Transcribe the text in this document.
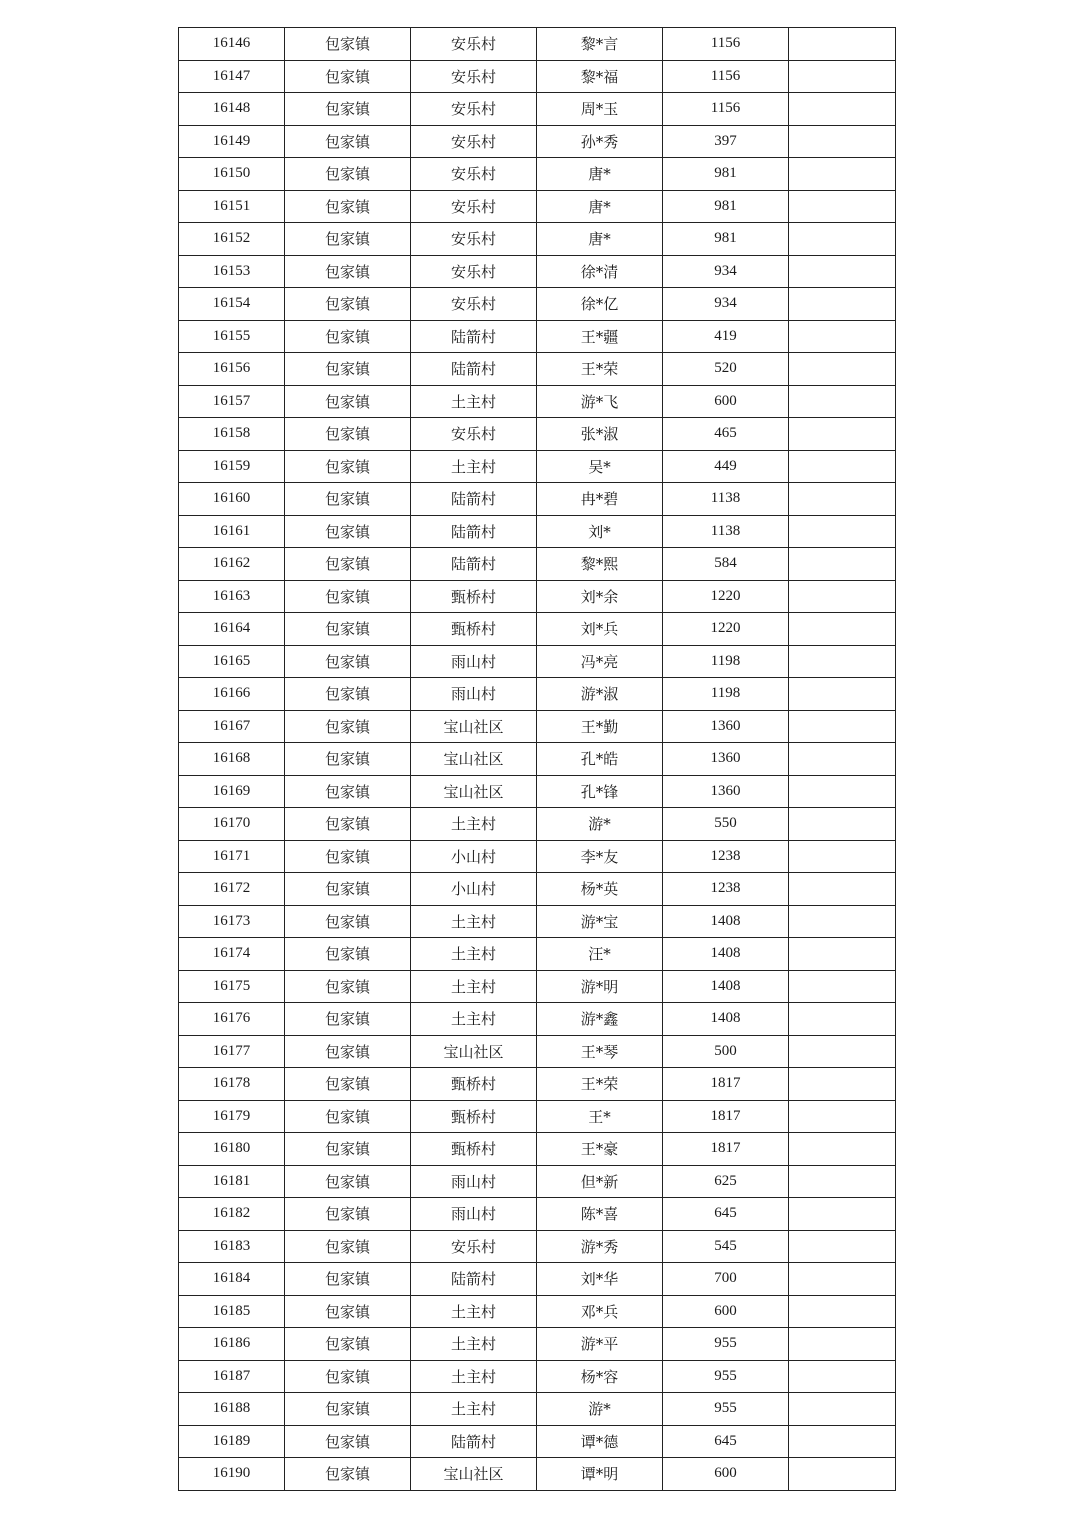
16146	包家镇	安乐村	黎*言	1156	
16147	包家镇	安乐村	黎*福	1156	
16148	包家镇	安乐村	周*玉	1156	
16149	包家镇	安乐村	孙*秀	397	
16150	包家镇	安乐村	唐*	981	
16151	包家镇	安乐村	唐*	981	
16152	包家镇	安乐村	唐*	981	
16153	包家镇	安乐村	徐*清	934	
16154	包家镇	安乐村	徐*亿	934	
16155	包家镇	陆箭村	王*疆	419	
16156	包家镇	陆箭村	王*荣	520	
16157	包家镇	土主村	游*飞	600	
16158	包家镇	安乐村	张*淑	465	
16159	包家镇	土主村	吴*	449	
16160	包家镇	陆箭村	冉*碧	1138	
16161	包家镇	陆箭村	刘*	1138	
16162	包家镇	陆箭村	黎*熙	584	
16163	包家镇	甄桥村	刘*余	1220	
16164	包家镇	甄桥村	刘*兵	1220	
16165	包家镇	雨山村	冯*亮	1198	
16166	包家镇	雨山村	游*淑	1198	
16167	包家镇	宝山社区	王*勤	1360	
16168	包家镇	宝山社区	孔*皓	1360	
16169	包家镇	宝山社区	孔*锋	1360	
16170	包家镇	土主村	游*	550	
16171	包家镇	小山村	李*友	1238	
16172	包家镇	小山村	杨*英	1238	
16173	包家镇	土主村	游*宝	1408	
16174	包家镇	土主村	汪*	1408	
16175	包家镇	土主村	游*明	1408	
16176	包家镇	土主村	游*鑫	1408	
16177	包家镇	宝山社区	王*琴	500	
16178	包家镇	甄桥村	王*荣	1817	
16179	包家镇	甄桥村	王*	1817	
16180	包家镇	甄桥村	王*豪	1817	
16181	包家镇	雨山村	但*新	625	
16182	包家镇	雨山村	陈*喜	645	
16183	包家镇	安乐村	游*秀	545	
16184	包家镇	陆箭村	刘*华	700	
16185	包家镇	土主村	邓*兵	600	
16186	包家镇	土主村	游*平	955	
16187	包家镇	土主村	杨*容	955	
16188	包家镇	土主村	游*	955	
16189	包家镇	陆箭村	谭*德	645	
16190	包家镇	宝山社区	谭*明	600	
